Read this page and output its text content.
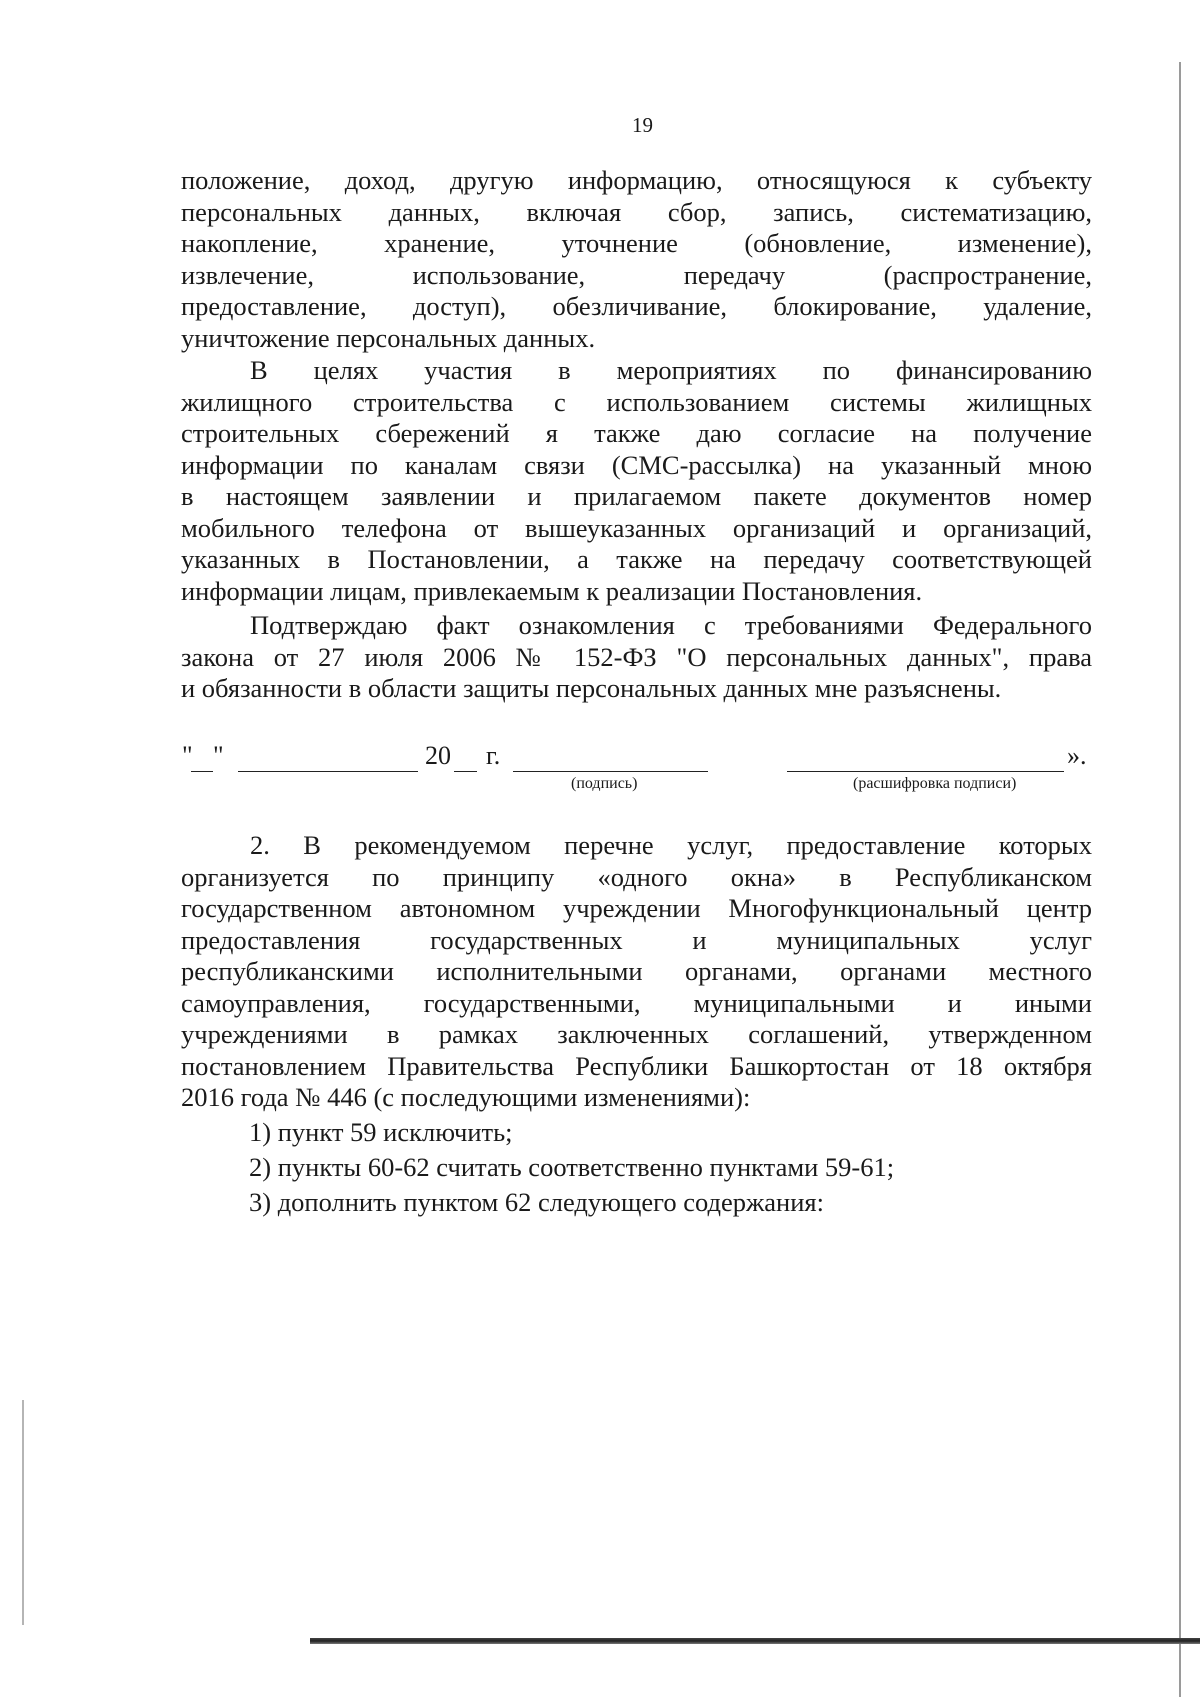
19
положение, доход, другую информацию, относящуюся к субъекту
персональных данных, включая сбор, запись, систематизацию,
накопление, хранение, уточнение (обновление, изменение),
извлечение, использование, передачу (распространение,
предоставление, доступ), обезличивание, блокирование, удаление,
уничтожение персональных данных.
В целях участия в мероприятиях по финансированию
жилищного строительства с использованием системы жилищных
строительных сбережений я также даю согласие на получение
информации по каналам связи (СМС-рассылка) на указанный мною
в настоящем заявлении и прилагаемом пакете документов номер
мобильного телефона от вышеуказанных организаций и организаций,
указанных в Постановлении, а также на передачу соответствующей
информации лицам, привлекаемым к реализации Постановления.
Подтверждаю факт ознакомления с требованиями Федерального
закона от 27 июля 2006 № 152-ФЗ "О персональных данных", права
и обязанности в области защиты персональных данных мне разъяснены.
" "	20 г.	».
(подпись)	(расшифровка подписи)
2. В рекомендуемом перечне услуг, предоставление которых
организуется по принципу «одного окна» в Республиканском
государственном автономном учреждении Многофункциональный центр
предоставления государственных и муниципальных услуг
республиканскими исполнительными органами, органами местного
самоуправления, государственными, муниципальными и иными
учреждениями в рамках заключенных соглашений, утвержденном
постановлением Правительства Республики Башкортостан от 18 октября
2016 года № 446 (с последующими изменениями):
1) пункт 59 исключить;
2) пункты 60-62 считать соответственно пунктами 59-61;
3) дополнить пунктом 62 следующего содержания:
